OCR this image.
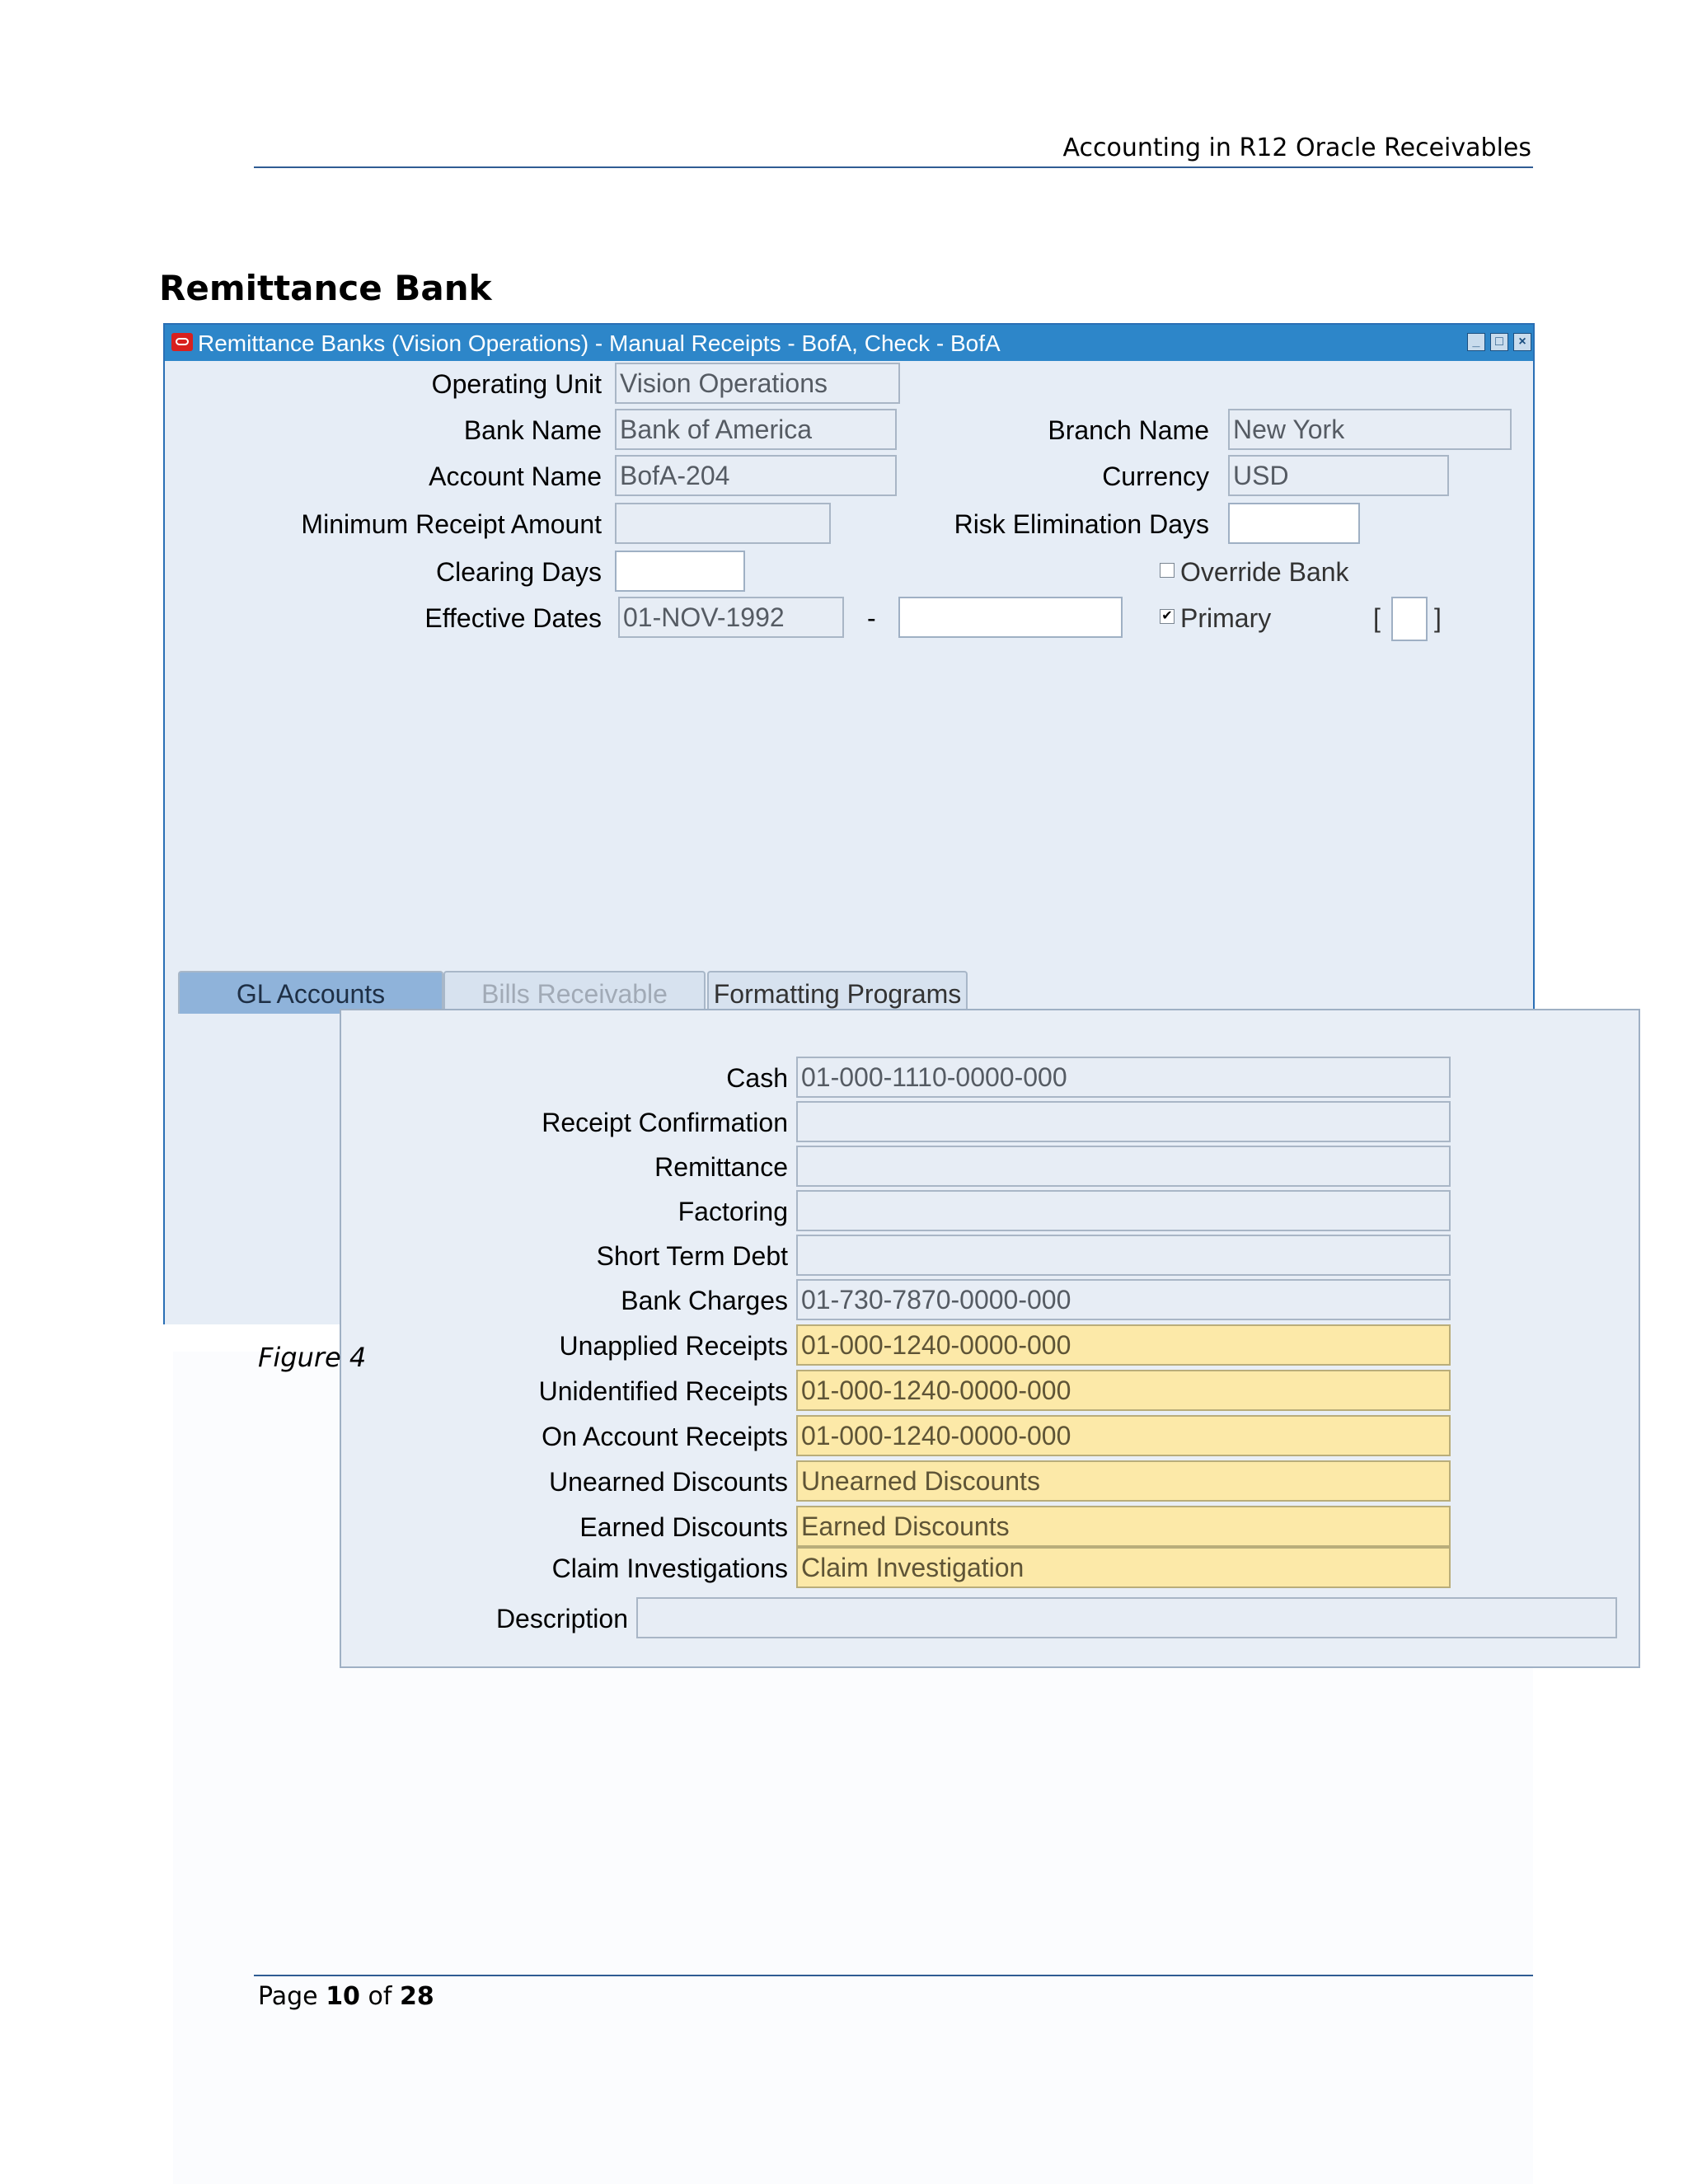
Accounting in R12 Oracle Receivables
Remittance Bank
Remittance Banks (Vision Operations) - Manual Receipts - BofA, Check - BofA	_	□	×
Operating Unit Vision Operations
Bank Name Bank of America	Branch Name New York
Account Name BofA-204	Currency USD
Minimum Receipt Amount	Risk Elimination Days
Clearing Days	Override Bank
Effective Dates 01-NOV-1992	-	✔ Primary	[ ]
GL Accounts	Bills Receivable	Formatting Programs
Cash 01-000-1110-0000-000
Receipt Confirmation
Remittance
Factoring
Short Term Debt
Bank Charges 01-730-7870-0000-000
Unapplied Receipts 01-000-1240-0000-000
Unidentified Receipts 01-000-1240-0000-000
On Account Receipts 01-000-1240-0000-000
Unearned Discounts Unearned Discounts
Earned Discounts Earned Discounts
Claim Investigations Claim Investigation
Description
Figure 4
Page 10 of 28
